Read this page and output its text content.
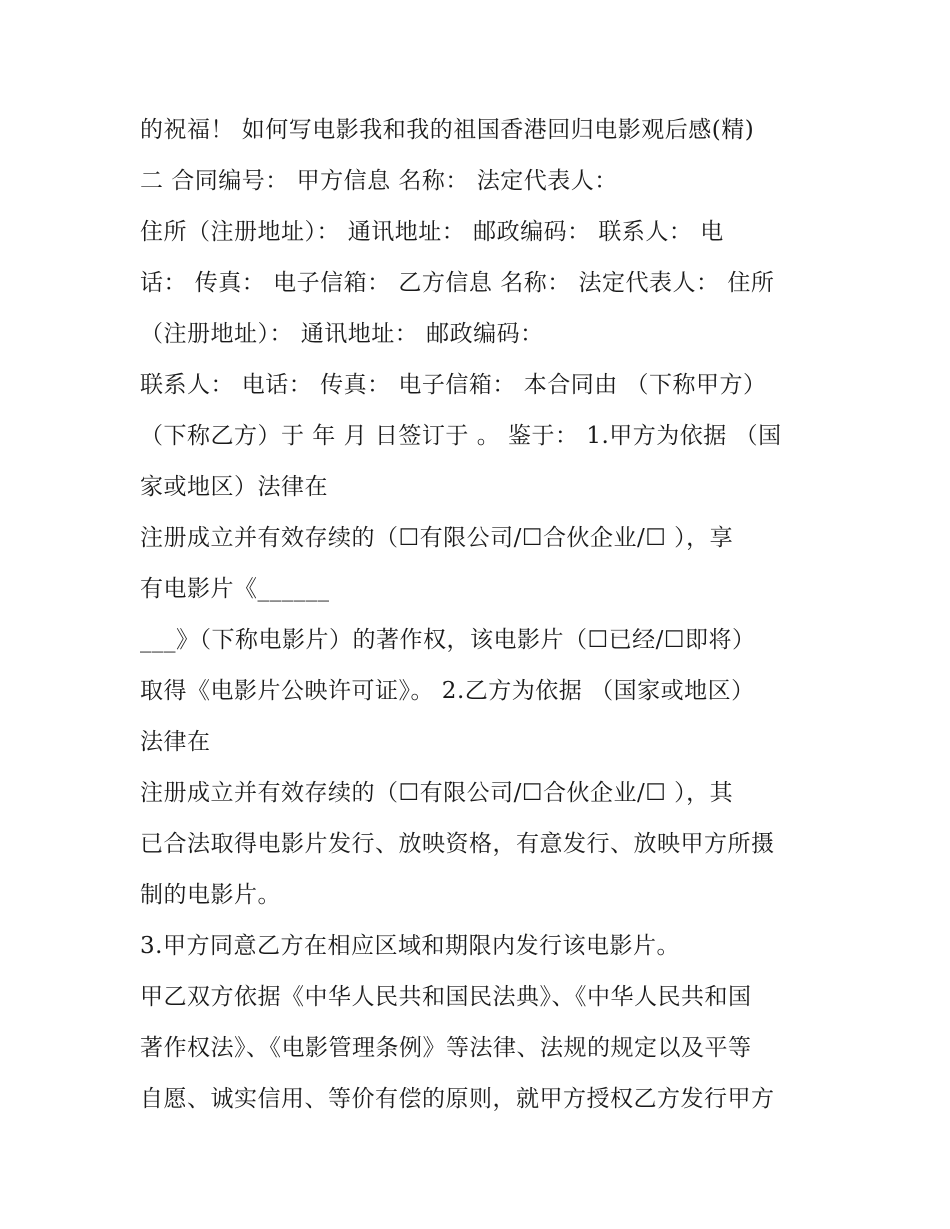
的祝福！ 如何写电影我和我的祖国香港回归电影观后感(精)
二 合同编号： 甲方信息 名称： 法定代表人：
住所（注册地址）： 通讯地址： 邮政编码： 联系人： 电
话： 传真： 电子信箱： 乙方信息 名称： 法定代表人： 住所
（注册地址）： 通讯地址： 邮政编码：
联系人： 电话： 传真： 电子信箱： 本合同由 （下称甲方）
（下称乙方）于 年 月 日签订于 。 鉴于： 1.甲方为依据 （国
家或地区）法律在
注册成立并有效存续的（☐有限公司/☐合伙企业/☐ ），享
有电影片《______
___》（下称电影片）的著作权，该电影片（☐已经/☐即将）
取得《电影片公映许可证》。 2.乙方为依据 （国家或地区）
法律在
注册成立并有效存续的（☐有限公司/☐合伙企业/☐ ），其
已合法取得电影片发行、放映资格，有意发行、放映甲方所摄
制的电影片。
3.甲方同意乙方在相应区域和期限内发行该电影片。
甲乙双方依据《中华人民共和国民法典》、《中华人民共和国
著作权法》、《电影管理条例》等法律、法规的规定以及平等
自愿、诚实信用、等价有偿的原则，就甲方授权乙方发行甲方
